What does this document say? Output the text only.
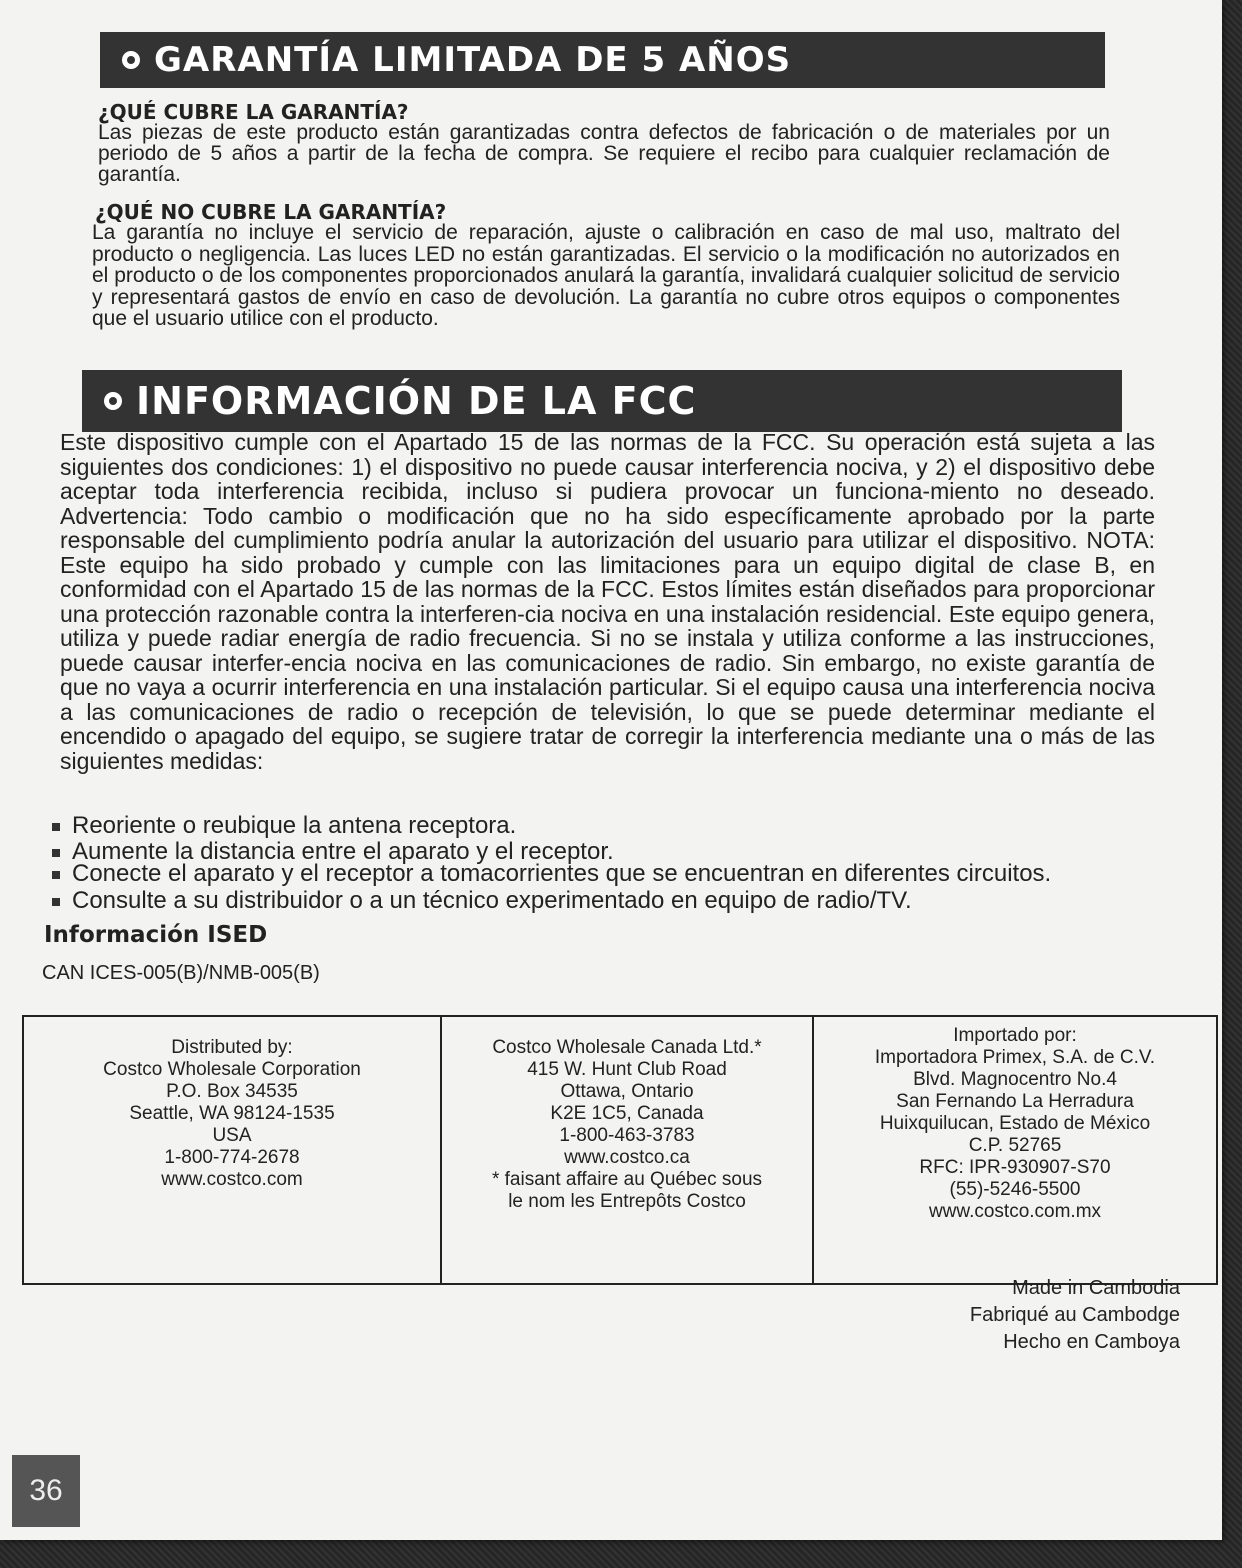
GARANTÍA LIMITADA DE 5 AÑOS
¿QUÉ CUBRE LA GARANTÍA?
Las piezas de este producto están garantizadas contra defectos de fabricación o de materiales por un periodo de 5 años a partir de la fecha de compra. Se requiere el recibo para cualquier reclamación de garantía.
¿QUÉ NO CUBRE LA GARANTÍA?
La garantía no incluye el servicio de reparación, ajuste o calibración en caso de mal uso, maltrato del producto o negligencia. Las luces LED no están garantizadas. El servicio o la modificación no autorizados en el producto o de los componentes proporcionados anulará la garantía, invalidará cualquier solicitud de servicio y representará gastos de envío en caso de devolución. La garantía no cubre otros equipos o componentes que el usuario utilice con el producto.
INFORMACIÓN DE LA FCC
Este dispositivo cumple con el Apartado 15 de las normas de la FCC. Su operación está sujeta a las siguientes dos condiciones: 1) el dispositivo no puede causar interferencia nociva, y 2) el dispositivo debe aceptar toda interferencia recibida, incluso si pudiera provocar un funciona-miento no deseado. Advertencia: Todo cambio o modificación que no ha sido específicamente aprobado por la parte responsable del cumplimiento podría anular la autorización del usuario para utilizar el dispositivo. NOTA: Este equipo ha sido probado y cumple con las limitaciones para un equipo digital de clase B, en conformidad con el Apartado 15 de las normas de la FCC. Estos límites están diseñados para proporcionar una protección razonable contra la interferen-cia nociva en una instalación residencial. Este equipo genera, utiliza y puede radiar energía de radio frecuencia. Si no se instala y utiliza conforme a las instrucciones, puede causar interfer-encia nociva en las comunicaciones de radio. Sin embargo, no existe garantía de que no vaya a ocurrir interferencia en una instalación particular. Si el equipo causa una interferencia nociva a las comunicaciones de radio o recepción de televisión, lo que se puede determinar mediante el encendido o apagado del equipo, se sugiere tratar de corregir la interferencia mediante una o más de las siguientes medidas:
Reoriente o reubique la antena receptora.
Aumente la distancia entre el aparato y el receptor.
Conecte el aparato y el receptor a tomacorrientes que se encuentran en diferentes circuitos.
Consulte a su distribuidor o a un técnico experimentado en equipo de radio/TV.
Información ISED
CAN ICES-005(B)/NMB-005(B)
Distributed by:
Costco Wholesale Corporation
P.O. Box 34535
Seattle, WA 98124-1535
USA
1-800-774-2678
www.costco.com
Costco Wholesale Canada Ltd.*
415 W. Hunt Club Road
Ottawa, Ontario
K2E 1C5, Canada
1-800-463-3783
www.costco.ca
* faisant affaire au Québec sous
le nom les Entrepôts Costco
Importado por:
Importadora Primex, S.A. de C.V.
Blvd. Magnocentro No.4
San Fernando La Herradura
Huixquilucan, Estado de México
C.P. 52765
RFC: IPR-930907-S70
(55)-5246-5500
www.costco.com.mx
Made in Cambodia
Fabriqué au Cambodge
Hecho en Camboya
36
